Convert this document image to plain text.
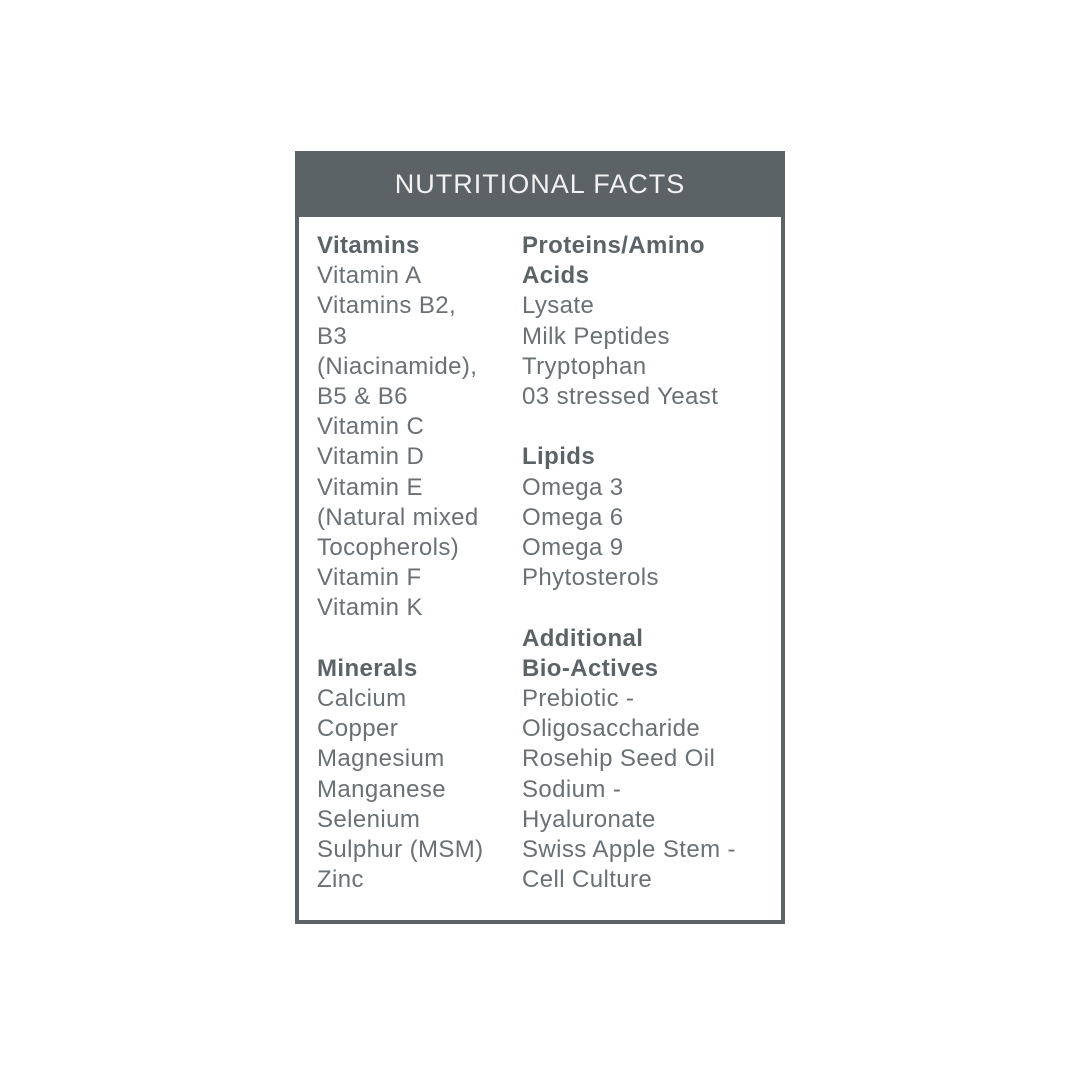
NUTRITIONAL FACTS
Vitamins
Vitamin A
Vitamins B2,
B3
(Niacinamide),
B5 & B6
Vitamin C
Vitamin D
Vitamin E
(Natural mixed
Tocopherols)
Vitamin F
Vitamin K
Minerals
Calcium
Copper
Magnesium
Manganese
Selenium
Sulphur (MSM)
Zinc
Proteins/Amino
Acids
Lysate
Milk Peptides
Tryptophan
03 stressed Yeast
Lipids
Omega 3
Omega 6
Omega 9
Phytosterols
Additional
Bio-Actives
Prebiotic -
Oligosaccharide
Rosehip Seed Oil
Sodium -
Hyaluronate
Swiss Apple Stem -
Cell Culture
